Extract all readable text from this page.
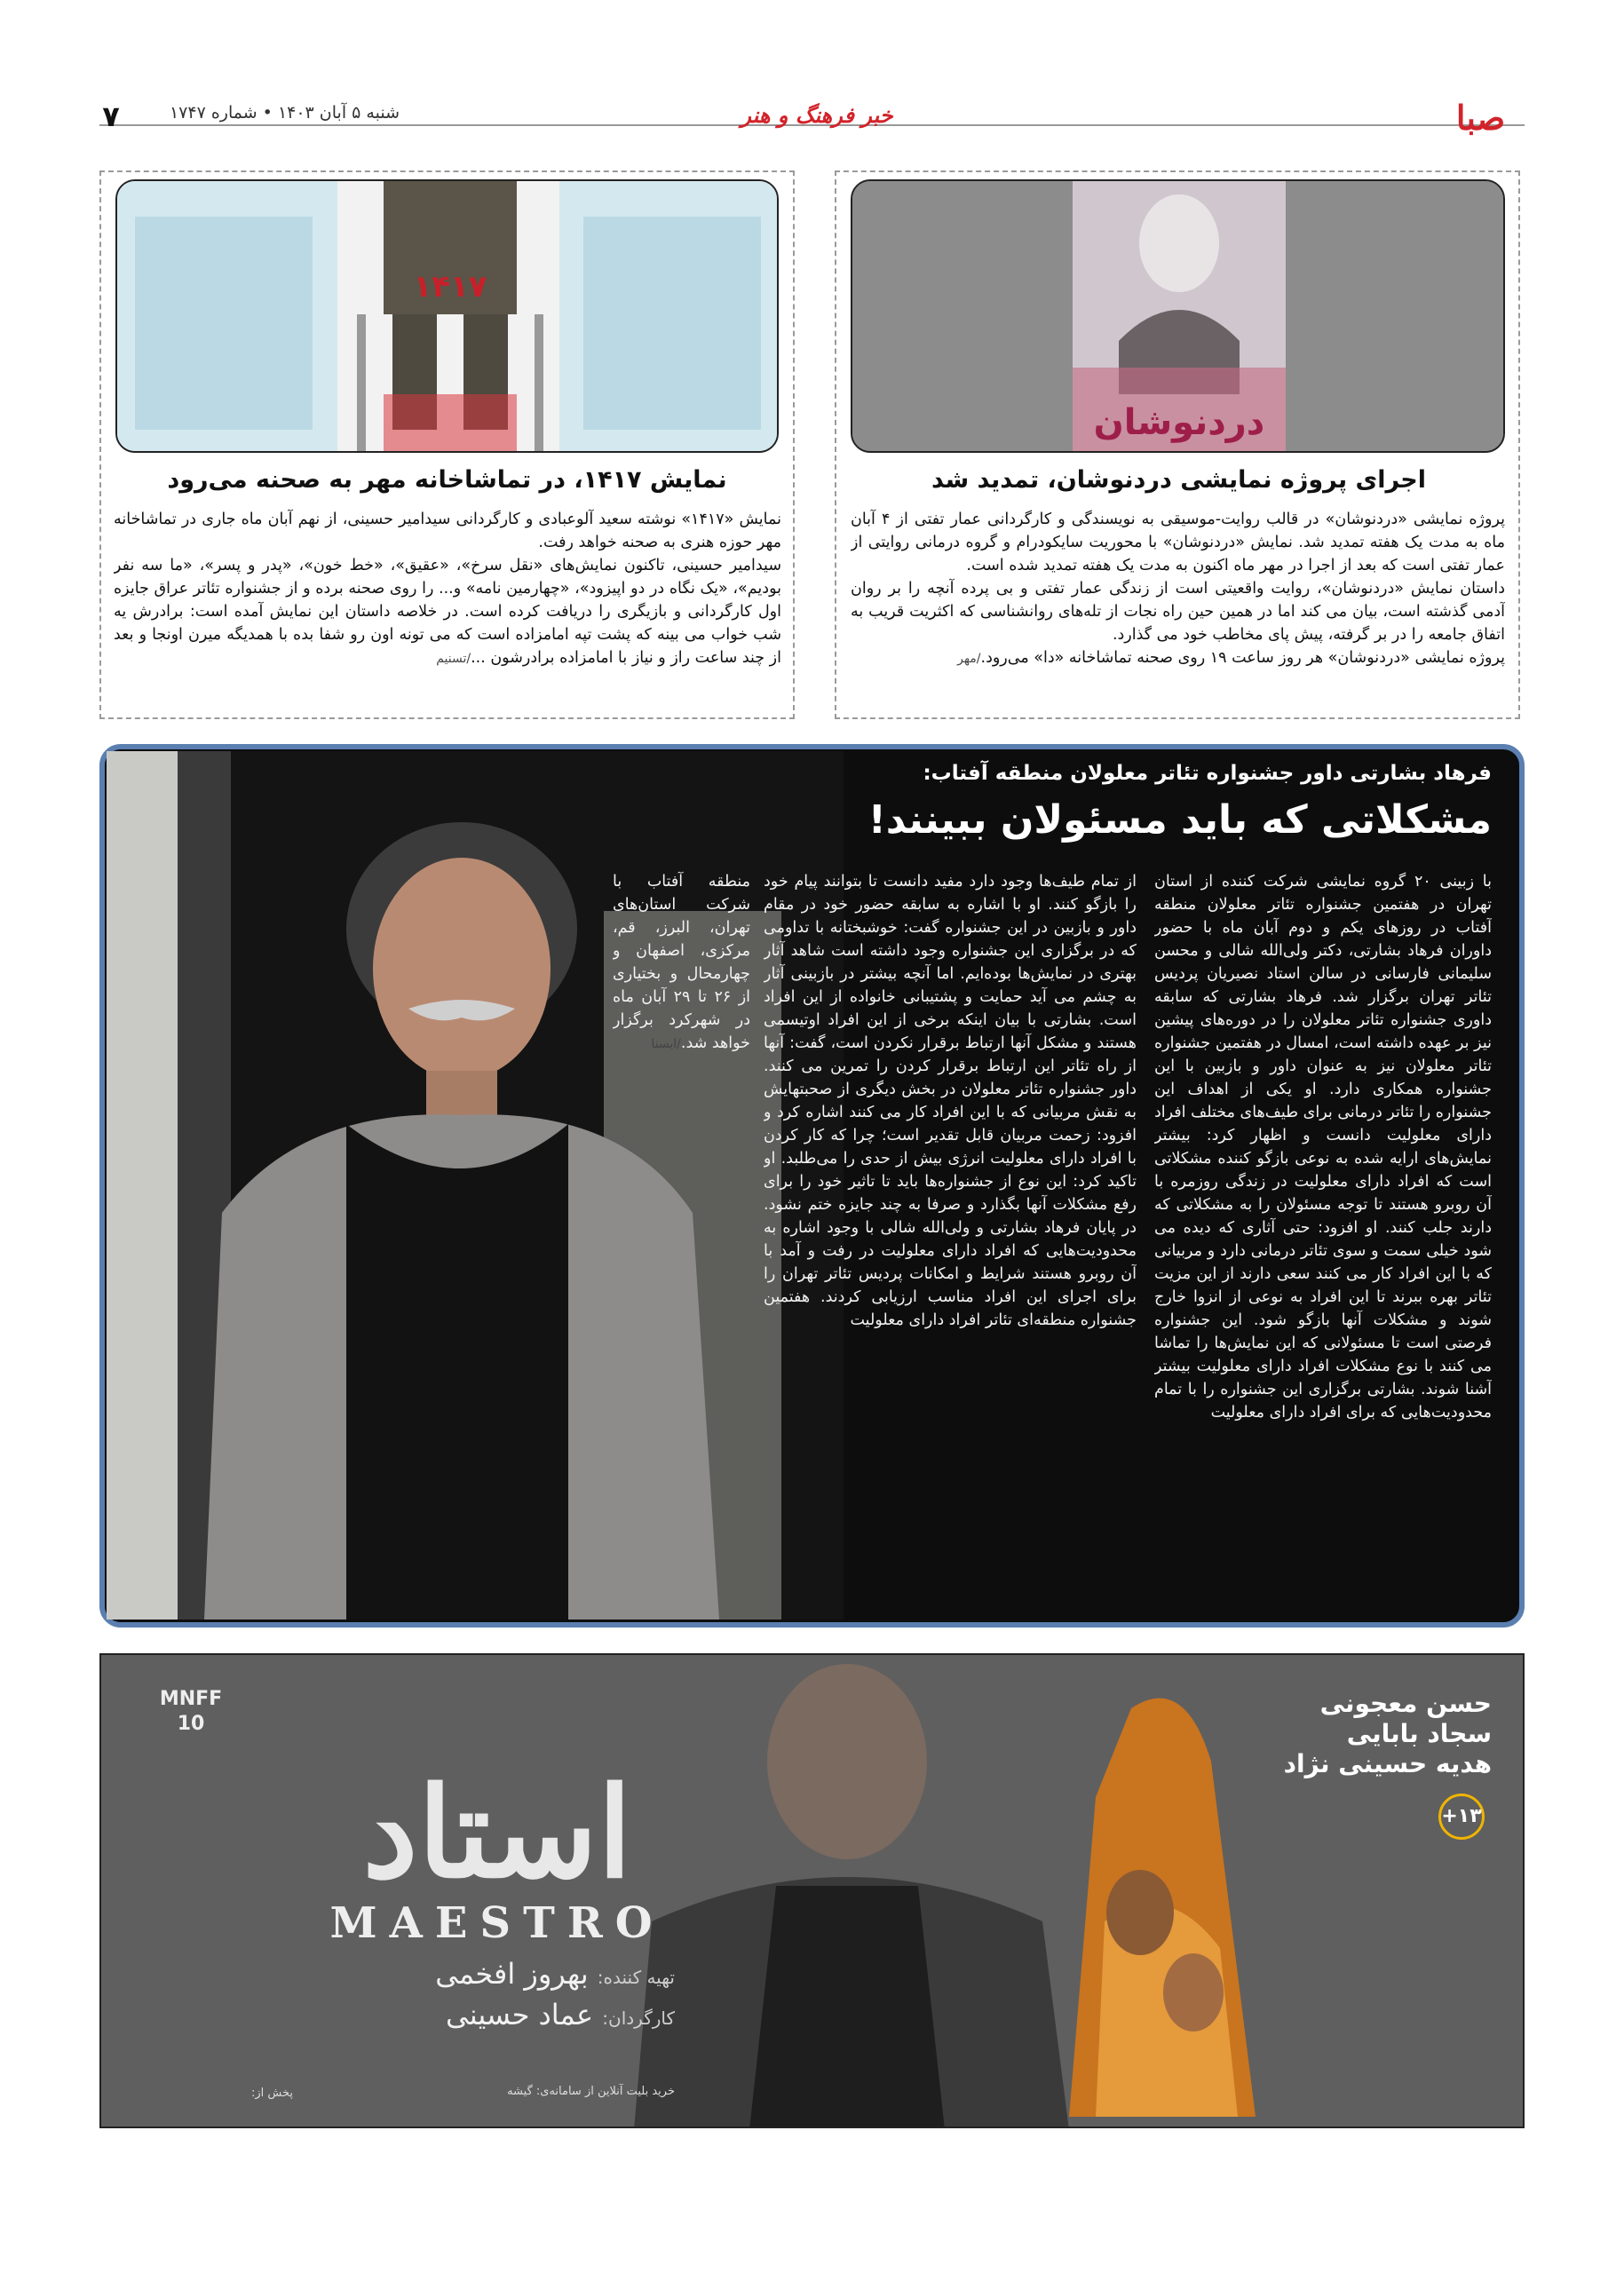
صبا
خبر فرهنگ و هنر
شنبه ۵ آبان ۱۴۰۳ • شماره ۱۷۴۷
۷
دردنوشان
اجرای پروژه نمایشی دردنوشان، تمدید شد

پروژه نمایشی «دردنوشان» در قالب روایت-موسیقی به نویسندگی و کارگردانی عمار تفتی از ۴ آبان ماه به مدت یک هفته تمدید شد. نمایش «دردنوشان» با محوریت سایکودرام و گروه درمانی روایتی از عمار تفتی است که بعد از اجرا در مهر ماه اکنون به مدت یک هفته تمدید شده است.

داستان نمایش «دردنوشان»، روایت واقعیتی است از زندگی عمار تفتی و بی پرده آنچه را بر روان آدمی گذشته است، بیان می کند اما در همین حین راه نجات از تله‌های روانشناسی که اکثریت قریب به اتفاق جامعه را در بر گرفته، پیش پای مخاطب خود می گذارد.

پروژه نمایشی «دردنوشان» هر روز ساعت ۱۹ روی صحنه تماشاخانه «دا» می‌رود./مهر

۱۴۱۷
نمایش ۱۴۱۷، در تماشاخانه مهر به صحنه می‌رود

نمایش «۱۴۱۷» نوشته سعید آلوعبادی و کارگردانی سیدامیر حسینی، از نهم آبان ماه جاری در تماشاخانه مهر حوزه هنری به صحنه خواهد رفت.

سیدامیر حسینی، تاکنون نمایش‌های «نقل سرخ»، «عقیق»، «خط خون»، «پدر و پسر»، «ما سه نفر بودیم»، «یک نگاه در دو اپیزود»، «چهارمین نامه» و... را روی صحنه برده و از جشنواره تئاتر عراق جایزه اول کارگردانی و بازیگری را دریافت کرده است. در خلاصه داستان این نمایش آمده است: برادرش یه شب خواب می بینه که پشت تپه امامزاده است که می تونه اون رو شفا بده با همدیگه میرن اونجا و بعد از چند ساعت راز و نیاز با امامزاده برادرشون .../تسنیم

فرهاد بشارتی داور جشنواره تئاتر معلولان منطقه آفتاب:
مشکلاتی که باید مسئولان ببینند!
با زبینی ۲۰ گروه نمایشی شرکت کننده از استان تهران در هفتمین جشنواره تئاتر معلولان منطقه آفتاب در روزهای یکم و دوم آبان ماه با حضور داوران فرهاد بشارتی، دکتر ولی‌الله شالی و محسن سلیمانی فارسانی در سالن استاد نصیریان پردیس تئاتر تهران برگزار شد. فرهاد بشارتی که سابقه داوری جشنواره تئاتر معلولان را در دوره‌های پیشین نیز بر عهده داشته است، امسال در هفتمین جشنواره تئاتر معلولان نیز به عنوان داور و بازبین با این جشنواره همکاری دارد. او یکی از اهداف این جشنواره را تئاتر درمانی برای طیف‌های مختلف افراد دارای معلولیت دانست و اظهار کرد: بیشتر نمایش‌های ارایه شده به نوعی بازگو کننده مشکلاتی است که افراد دارای معلولیت در زندگی روزمره با آن روبرو هستند تا توجه مسئولان را به مشکلاتی که دارند جلب کنند. او افزود: حتی آثاری که دیده می شود خیلی سمت و سوی تئاتر درمانی دارد و مربیانی که با این افراد کار می کنند سعی دارند از این مزیت تئاتر بهره ببرند تا این افراد به نوعی از انزوا خارج شوند و مشکلات آنها بازگو شود. این جشنواره فرصتی است تا مسئولانی که این نمایش‌ها را تماشا می کنند با نوع مشکلات افراد دارای معلولیت بیشتر آشنا شوند. بشارتی برگزاری این جشنواره را با تمام محدودیت‌هایی که برای افراد دارای معلولیت
از تمام طیف‌ها وجود دارد مفید دانست تا بتوانند پیام خود را بازگو کنند. او با اشاره به سابقه حضور خود در مقام داور و بازبین در این جشنواره گفت: خوشبختانه با تداومی که در برگزاری این جشنواره وجود داشته است شاهد آثار بهتری در نمایش‌ها بوده‌ایم. اما آنچه بیشتر در بازبینی آثار به چشم می آید حمایت و پشتیبانی خانواده از این افراد است. بشارتی با بیان اینکه برخی از این افراد اوتیسمی هستند و مشکل آنها ارتباط برقرار نکردن است، گفت: آنها از راه تئاتر این ارتباط برقرار کردن را تمرین می کنند. داور جشنواره تئاتر معلولان در بخش دیگری از صحبتهایش به نقش مربیانی که با این افراد کار می کنند اشاره کرد و افزود: زحمت مربیان قابل تقدیر است؛ چرا که کار کردن با افراد دارای معلولیت انرژی بیش از حدی را می‌طلبد. او تاکید کرد: این نوع از جشنواره‌ها باید تا تاثیر خود را برای رفع مشکلات آنها بگذارد و صرفا به چند جایزه ختم نشود. در پایان فرهاد بشارتی و ولی‌الله شالی با وجود اشاره به محدودیت‌هایی که افراد دارای معلولیت در رفت و آمد با آن روبرو هستند شرایط و امکانات پردیس تئاتر تهران را برای اجرای این افراد مناسب ارزیابی کردند. هفتمین جشنواره منطقه‌ای تئاتر افراد دارای معلولیت
منطقه آفتاب با شرکت استان‌های تهران، البرز، قم، مرکزی، اصفهان و چهارمحال و بختیاری از ۲۶ تا ۲۹ آبان ماه در شهرکرد برگزار خواهد شد./ایسنا
حسن معجونی
سجاد بابایی
هدیه حسینی نژاد
+۱۳
MNFF
10
استاد
MAESTRO
تهیه کننده: بهروز افخمی
کارگردان: عماد حسینی
خرید بلیت آنلاین از سامانه‌ی: گیشه
پخش از:
